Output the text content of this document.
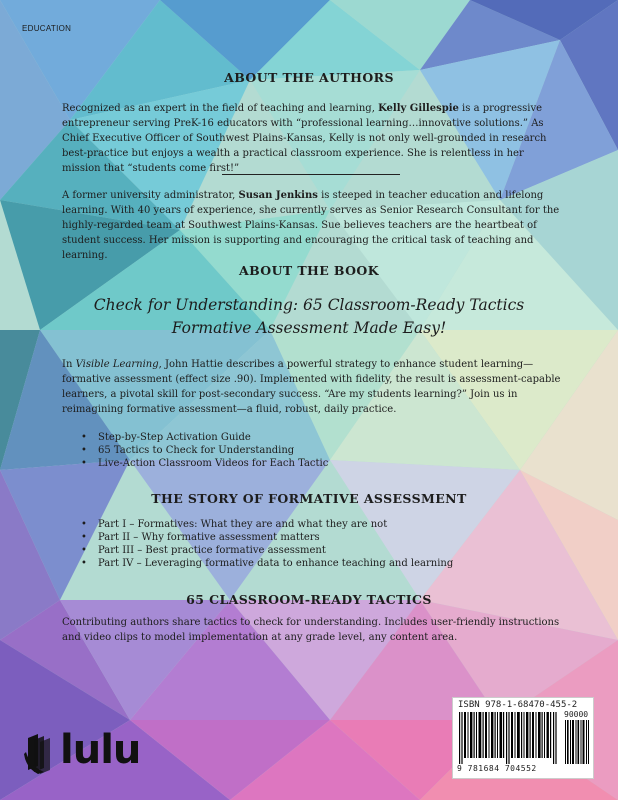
EDUCATION
ABOUT THE AUTHORS

Recognized as an expert in the field of teaching and learning, Kelly Gillespie is a progressive entrepreneur serving PreK-16 educators with “professional learning…innovative solutions.” As Chief Executive Officer of Southwest Plains-Kansas, Kelly is not only well-grounded in research best-practice but enjoys a wealth a practical classroom experience. She is relentless in her mission that “students come first!”

A former university administrator, Susan Jenkins is steeped in teacher education and lifelong learning. With 40 years of experience, she currently serves as Senior Research Consultant for the highly-regarded team at Southwest Plains-Kansas. Sue believes teachers are the heartbeat of student success. Her mission is supporting and encouraging the critical task of teaching and learning.

ABOUT THE BOOK

Check for Understanding: 65 Classroom-Ready Tactics

Formative Assessment Made Easy!

In Visible Learning, John Hattie describes a powerful strategy to enhance student learning—formative assessment (effect size .90). Implemented with fidelity, the result is assessment-capable learners, a pivotal skill for post-secondary success. “Are my students learning?” Join us in reimagining formative assessment—a fluid, robust, daily practice.

• Step-by-Step Activation Guide
• 65 Tactics to Check for Understanding
• Live-Action Classroom Videos for Each Tactic
THE STORY OF FORMATIVE ASSESSMENT
• Part I – Formatives: What they are and what they are not
• Part II – Why formative assessment matters
• Part III – Best practice formative assessment
• Part IV – Leveraging formative data to enhance teaching and learning
65 CLASSROOM-READY TACTICS

Contributing authors share tactics to check for understanding. Includes user-friendly instructions and video clips to model implementation at any grade level, any content area.

lulu
ISBN 978-1-68470-455-2
90000
9 781684 704552
